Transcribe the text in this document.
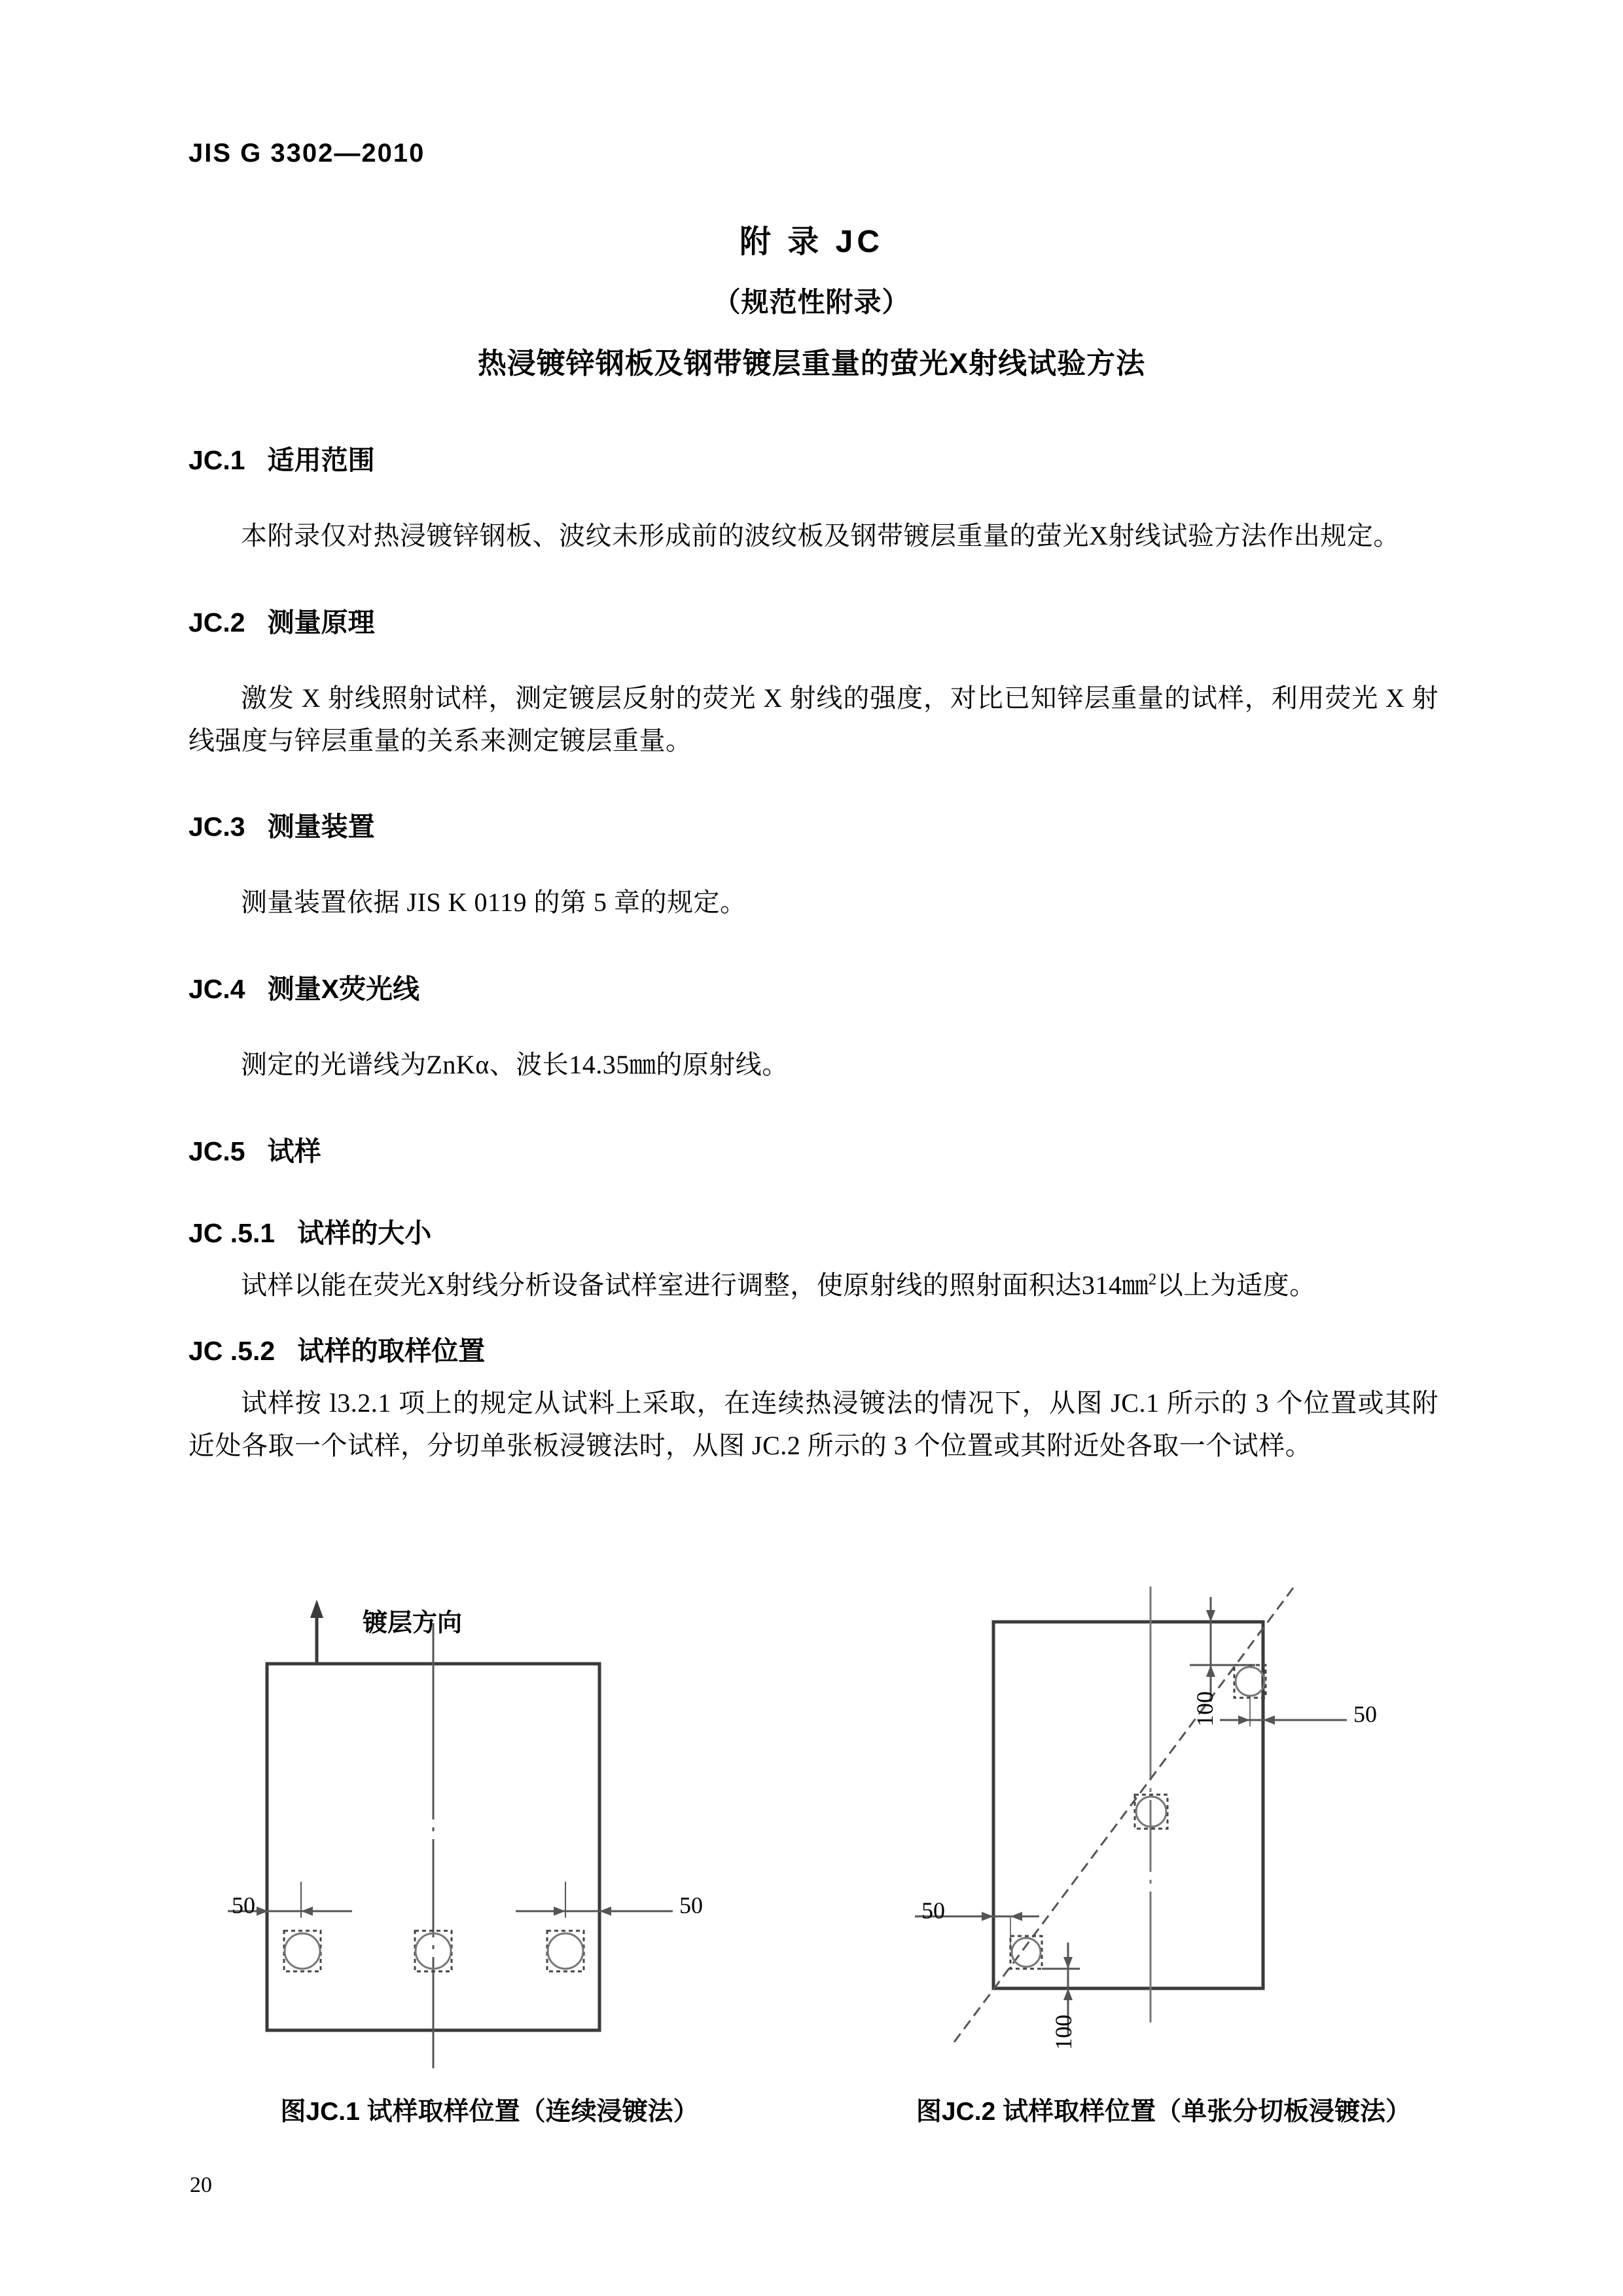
JIS G 3302—2010
附 录 JC
（规范性附录）
热浸镀锌钢板及钢带镀层重量的萤光X射线试验方法
JC.1 适用范围
本附录仅对热浸镀锌钢板、波纹未形成前的波纹板及钢带镀层重量的萤光X射线试验方法作出规定。
JC.2 测量原理
激发 X 射线照射试样，测定镀层反射的荧光 X 射线的强度，对比已知锌层重量的试样，利用荧光 X 射线强度与锌层重量的关系来测定镀层重量。
JC.3 测量装置
测量装置依据 JIS K 0119 的第 5 章的规定。
JC.4 测量X荧光线
测定的光谱线为ZnKα、波长14.35㎜的原射线。
JC.5 试样
JC .5.1 试样的大小
试样以能在荧光X射线分析设备试样室进行调整，使原射线的照射面积达314㎜$^2$以上为适度。
JC .5.2 试样的取样位置
试样按 l3.2.1 项上的规定从试料上采取，在连续热浸镀法的情况下，从图 JC.1 所示的 3 个位置或其附近处各取一个试样，分切单张板浸镀法时，从图 JC.2 所示的 3 个位置或其附近处各取一个试样。
镀层方向
50	50
图JC.1 试样取样位置（连续浸镀法）
100	50
50
100
图JC.2 试样取样位置（单张分切板浸镀法）
20
